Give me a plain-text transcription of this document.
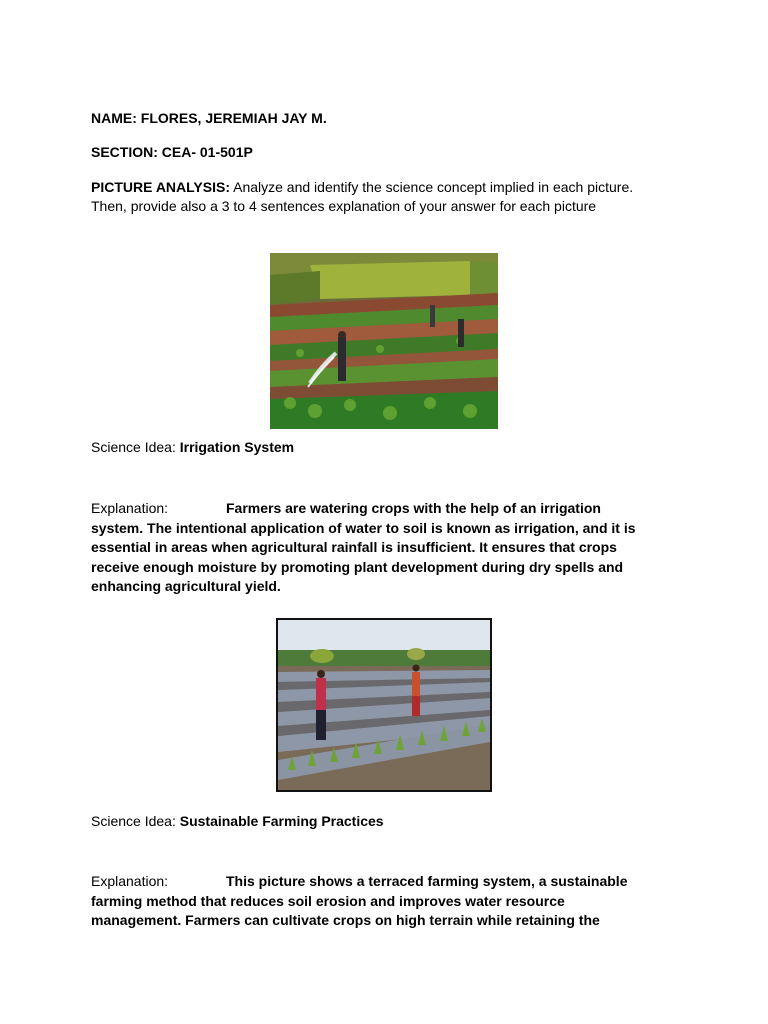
NAME: FLORES, JEREMIAH JAY M.
SECTION: CEA- 01-501P
PICTURE ANALYSIS: Analyze and identify the science concept implied in each picture.
Then, provide also a 3 to 4 sentences explanation of your answer for each picture
Science Idea: Irrigation System
Explanation:	Farmers are watering crops with the help of an irrigation
system. The intentional application of water to soil is known as irrigation, and it is
essential in areas when agricultural rainfall is insufficient. It ensures that crops
receive enough moisture by promoting plant development during dry spells and
enhancing agricultural yield.
Science Idea: Sustainable Farming Practices
Explanation:	This picture shows a terraced farming system, a sustainable
farming method that reduces soil erosion and improves water resource
management. Farmers can cultivate crops on high terrain while retaining the
